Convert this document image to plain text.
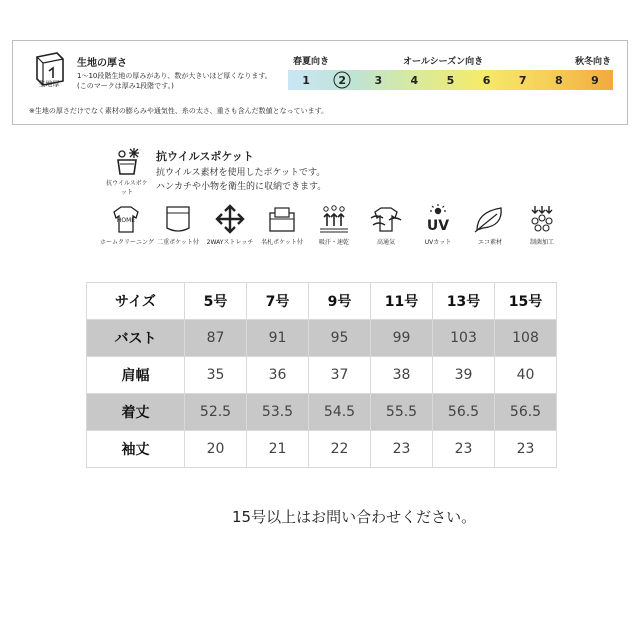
生地厚
生地の厚さ
1〜10段階生地の厚みがあり、数が大きいほど厚くなります。
(このマークは厚み1段階です。)
※生地の厚さだけでなく素材の膨らみや通気性、糸の太さ、重さも含んだ数値となっています。
春夏向き	オールシーズン向き	秋冬向き
1	2	3	4	5	6	7	8	9
抗ウイルスポケット
抗ウイルスポケット
抗ウイルス素材を使用したポケットです。
ハンカチや小物を衛生的に収納できます。
HOME
ホームクリーニング 二重ポケット付	2WAYストレッチ	名札ポケット付	吸汗・速乾	高通気
UV
UVカット	エコ素材	制菌加工
サイズ	5号	7号	9号	11号	13号	15号
バスト	87	91	95	99	103	108
肩幅	35	36	37	38	39	40
着丈	52.5	53.5	54.5	55.5	56.5	56.5
袖丈	20	21	22	23	23	23
15号以上はお問い合わせください。
